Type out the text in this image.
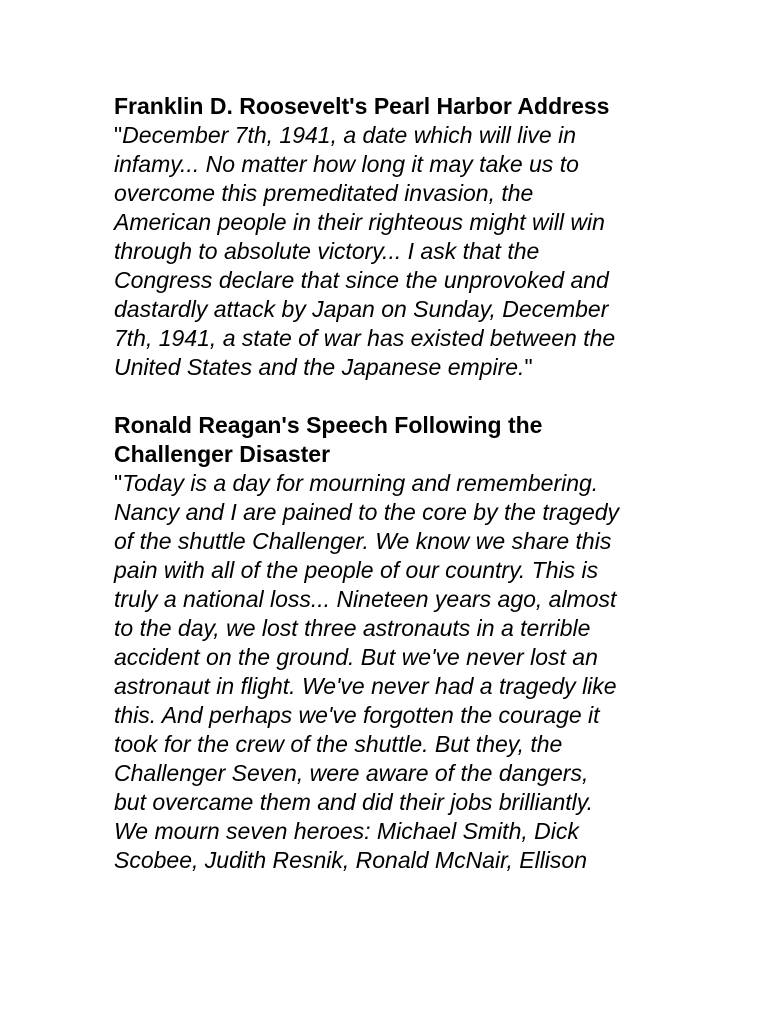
Franklin D. Roosevelt's Pearl Harbor Address

"December 7th, 1941, a date which will live in
infamy... No matter how long it may take us to
overcome this premeditated invasion, the
American people in their righteous might will win
through to absolute victory... I ask that the
Congress declare that since the unprovoked and
dastardly attack by Japan on Sunday, December
7th, 1941, a state of war has existed between the
United States and the Japanese empire."

Ronald Reagan's Speech Following the
Challenger Disaster

"Today is a day for mourning and remembering.
Nancy and I are pained to the core by the tragedy
of the shuttle Challenger. We know we share this
pain with all of the people of our country. This is
truly a national loss... Nineteen years ago, almost
to the day, we lost three astronauts in a terrible
accident on the ground. But we've never lost an
astronaut in flight. We've never had a tragedy like
this. And perhaps we've forgotten the courage it
took for the crew of the shuttle. But they, the
Challenger Seven, were aware of the dangers,
but overcame them and did their jobs brilliantly.
We mourn seven heroes: Michael Smith, Dick
Scobee, Judith Resnik, Ronald McNair, Ellison
